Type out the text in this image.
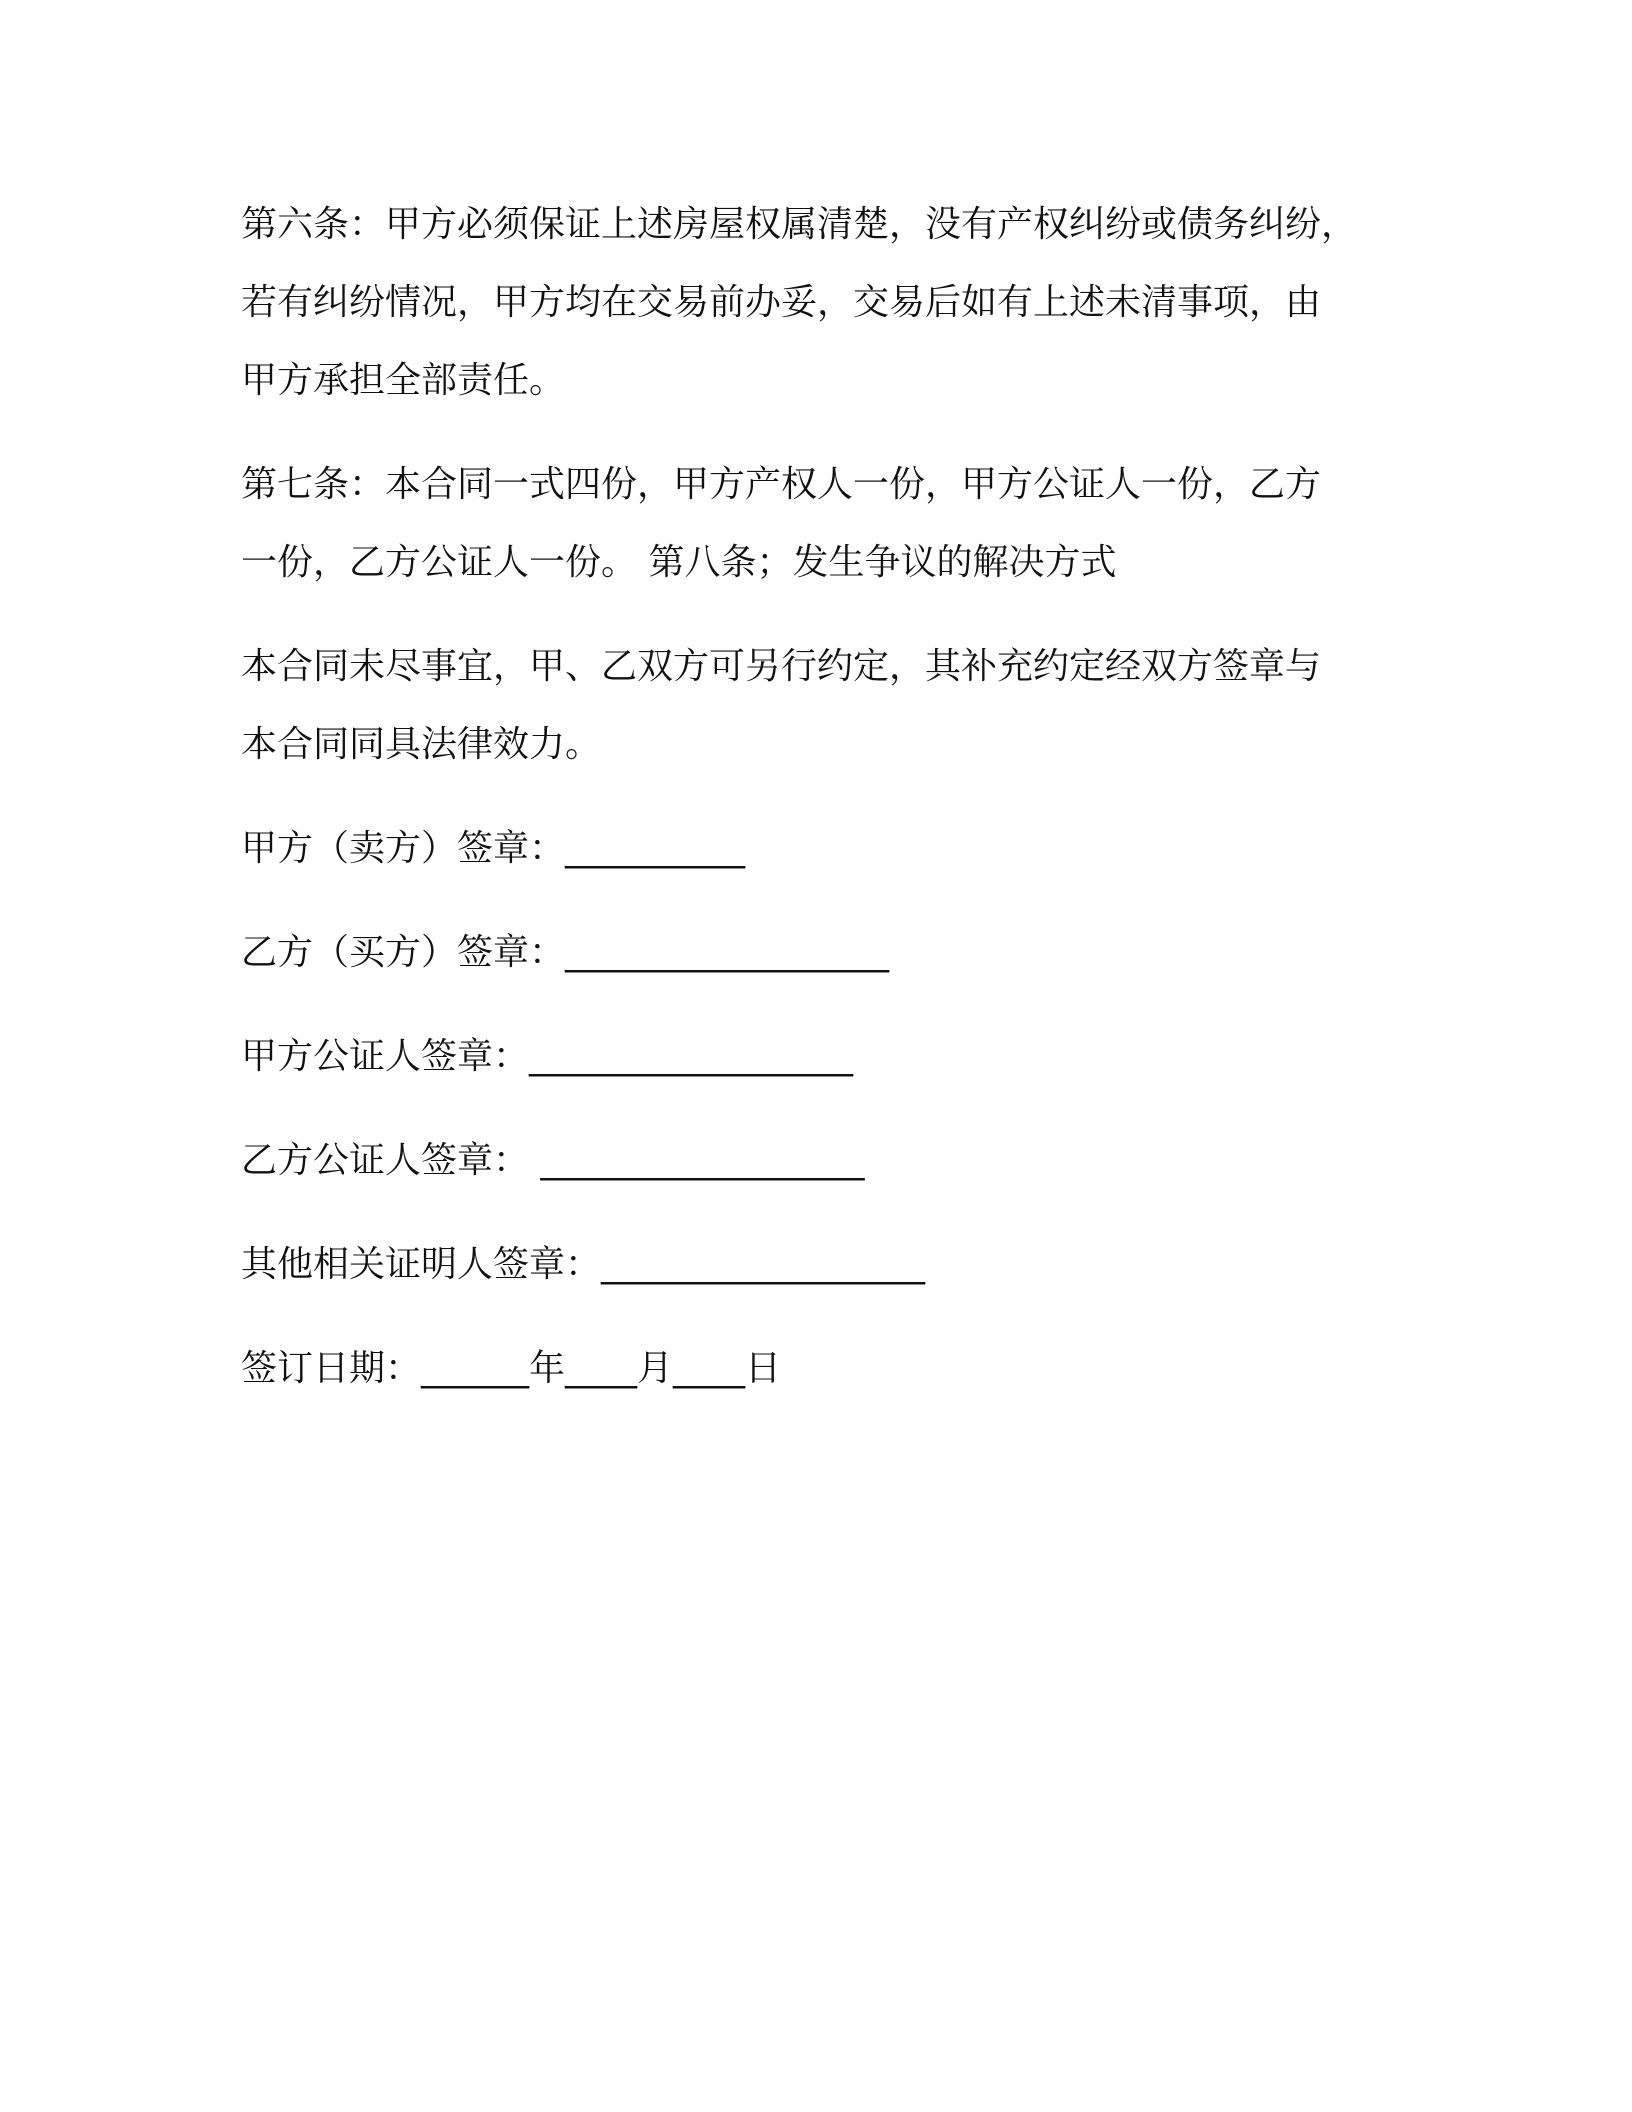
第六条：甲方必须保证上述房屋权属清楚，没有产权纠纷或债务纠纷，
若有纠纷情况，甲方均在交易前办妥，交易后如有上述未清事项，由
甲方承担全部责任。
第七条：本合同一式四份，甲方产权人一份，甲方公证人一份，乙方
一份，乙方公证人一份。 第八条；发生争议的解决方式
本合同未尽事宜，甲、乙双方可另行约定，其补充约定经双方签章与
本合同同具法律效力。
甲方（卖方）签章：__________
乙方（买方）签章：__________________
甲方公证人签章：__________________
乙方公证人签章： __________________
其他相关证明人签章：__________________
签订日期：______年____月____日
